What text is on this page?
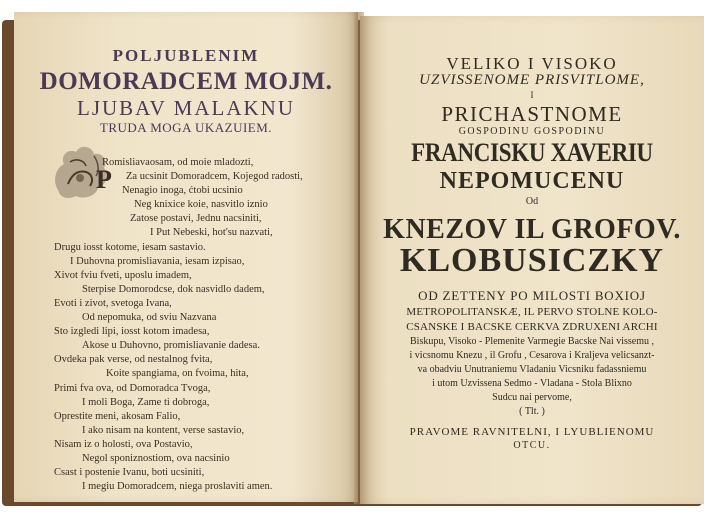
POLJUBLENIM
DOMORADCEM MOJM.
LJUBAV MALAKNU
TRUDA MOGA UKAZUIEM.
P
Romisliavaosam, od moie mladozti,
Za ucsinit Domoradcem, Kojegod radosti,
Nenagio inoga, ćtobi ucsinio
Neg knixice koie, nasvitlo iznio
Zatose postavi, Jednu nacsiniti,
I Put Nebeski, hot'su nazvati,
Drugu iosst kotome, iesam sastavio.
I Duhovna promisliavania, iesam izpisao,
Xivot fviu fveti, uposlu imadem,
Sterpise Domorodcse, dok nasvidlo dadem,
Evoti i zivot, svetoga Ivana,
Od nepomuka, od sviu Nazvana
Sto izgledi lipi, iosst kotom imadesa,
Akose u Duhovno, promisliavanie dadesa.
Ovdeka pak verse, od nestalnog fvita,
Koite spangiama, on fvoima, hita,
Primi fva ova, od Domoradca Tvoga,
I moli Boga, Zame ti dobroga,
Oprestite meni, akosam Falio,
I ako nisam na kontent, verse sastavio,
Nisam iz o holosti, ova Postavio,
Negol sponiznostiom, ova nacsinio
Csast i postenie Ivanu, boti ucsiniti,
I megiu Domoradcem, niega proslaviti amen.
VELIKO I VISOKO
UZVISSENOME PRISVITLOME,
I
PRICHASTNOME
GOSPODINU GOSPODINU
FRANCISKU XAVERIU
NEPOMUCENU
Od
KNEZOV IL GROFOV.
KLOBUSICZKY
OD ZETTENY PO MILOSTI BOXIOJ
METROPOLITANSKÆ, IL PERVO STOLNE KOLO-
CSANSKE I BACSKE CERKVA ZDRUXENI ARCHI
Biskupu, Visoko - Plemenite Varmegie Bacske Nai vissemu ,
i vicsnomu Knezu , il Grofu , Cesarova i Kraljeva velicsanzt-
va obadviu Unutraniemu Vladaniu Vicsniku fadassniemu
i utom Uzvissena Sedmo - Vladana - Stola Blixno
Sudcu nai pervome,
( Tlt. )
PRAVOME RAVNITELNI, I LYUBLIENOMU
OTCU.
